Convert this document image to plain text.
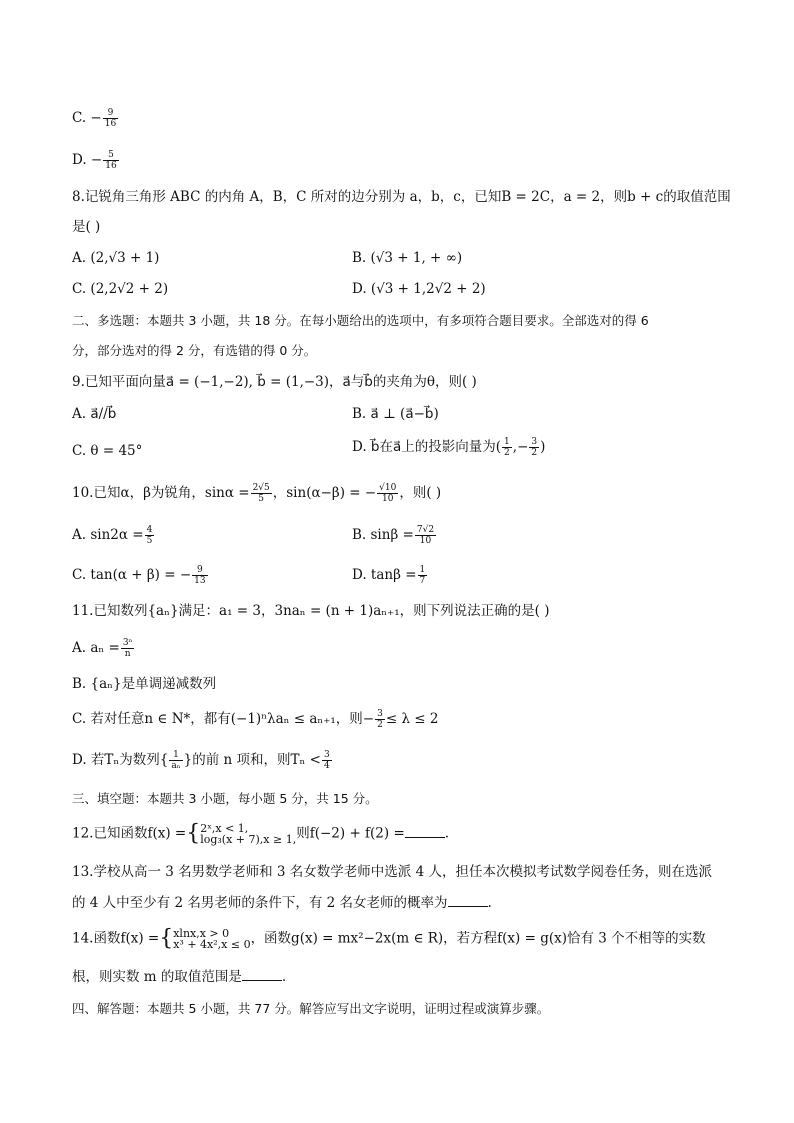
C. − $\frac{9}{16}$
D. − $\frac{5}{16}$
8.记锐角三角形 ABC 的内角 A，B，C 所对的边分别为 a，b，c，已知B = 2C，a = 2，则b + c的取值范围
是( )
A. (2,√3 + 1)	B. (√3 + 1, + ∞)
C. (2,2√2 + 2)	D. (√3 + 1,2√2 + 2)
二、多选题：本题共 3 小题，共 18 分。在每小题给出的选项中，有多项符合题目要求。全部选对的得 6
分，部分选对的得 2 分，有选错的得 0 分。
9.已知平面向量a⃗ = (−1,−2), b⃗ = (1,−3)，a⃗与b⃗的夹角为θ，则( )
A. a⃗//b⃗	B. a⃗ ⊥ (a⃗−b⃗)
C. θ = 45°	D. b⃗在a⃗上的投影向量为( $\frac{1}{2}$ ,− $\frac{3}{2}$ )
10.已知α，β为锐角，$\sin\alpha = \frac{2√5}{5}$ ，sin(α−β) = − $\frac{√10}{10}$ ，则( )
A. $\sin 2\alpha = \frac{4}{5}$	B. $\sin\beta = \frac{7√2}{10}$
C. tan(α + β) = − $\frac{9}{13}$	D. $\tan\beta = \frac{1}{7}$
11.已知数列{aₙ}满足：a₁ = 3，3naₙ = (n + 1)aₙ₊₁，则下列说法正确的是( )
A. $a_n = \frac{\text{3ⁿ}}{n}$
B. {aₙ}是单调递减数列
C. 若对任意n ∈ N*，都有(−1)ⁿλaₙ ≤ aₙ₊₁，则− $\frac{3}{2} \le \lambda \le 2$
D. 若Tₙ为数列{ $\frac{1}{\text{aₙ}}$ }的前 n 项和，则$T_n < \frac{3}{4}$
三、填空题：本题共 3 小题，每小题 5 分，共 15 分。
12.已知函数f(x) ={ 2ˣ,x < 1,
log₃(x + 7),x ≥ 1, 则f(−2) + f(2) =	.
13.学校从高一 3 名男数学老师和 3 名女数学老师中选派 4 人，担任本次模拟考试数学阅卷任务，则在选派
的 4 人中至少有 2 名男老师的条件下，有 2 名女老师的概率为	.
14.函数f(x) ={ xlnx,x > 0
x³ + 4x²,x ≤ 0 ，函数g(x) = mx²−2x(m ∈ R)，若方程f(x) = g(x)恰有 3 个不相等的实数
根，则实数 m 的取值范围是	.
四、解答题：本题共 5 小题，共 77 分。解答应写出文字说明，证明过程或演算步骤。
